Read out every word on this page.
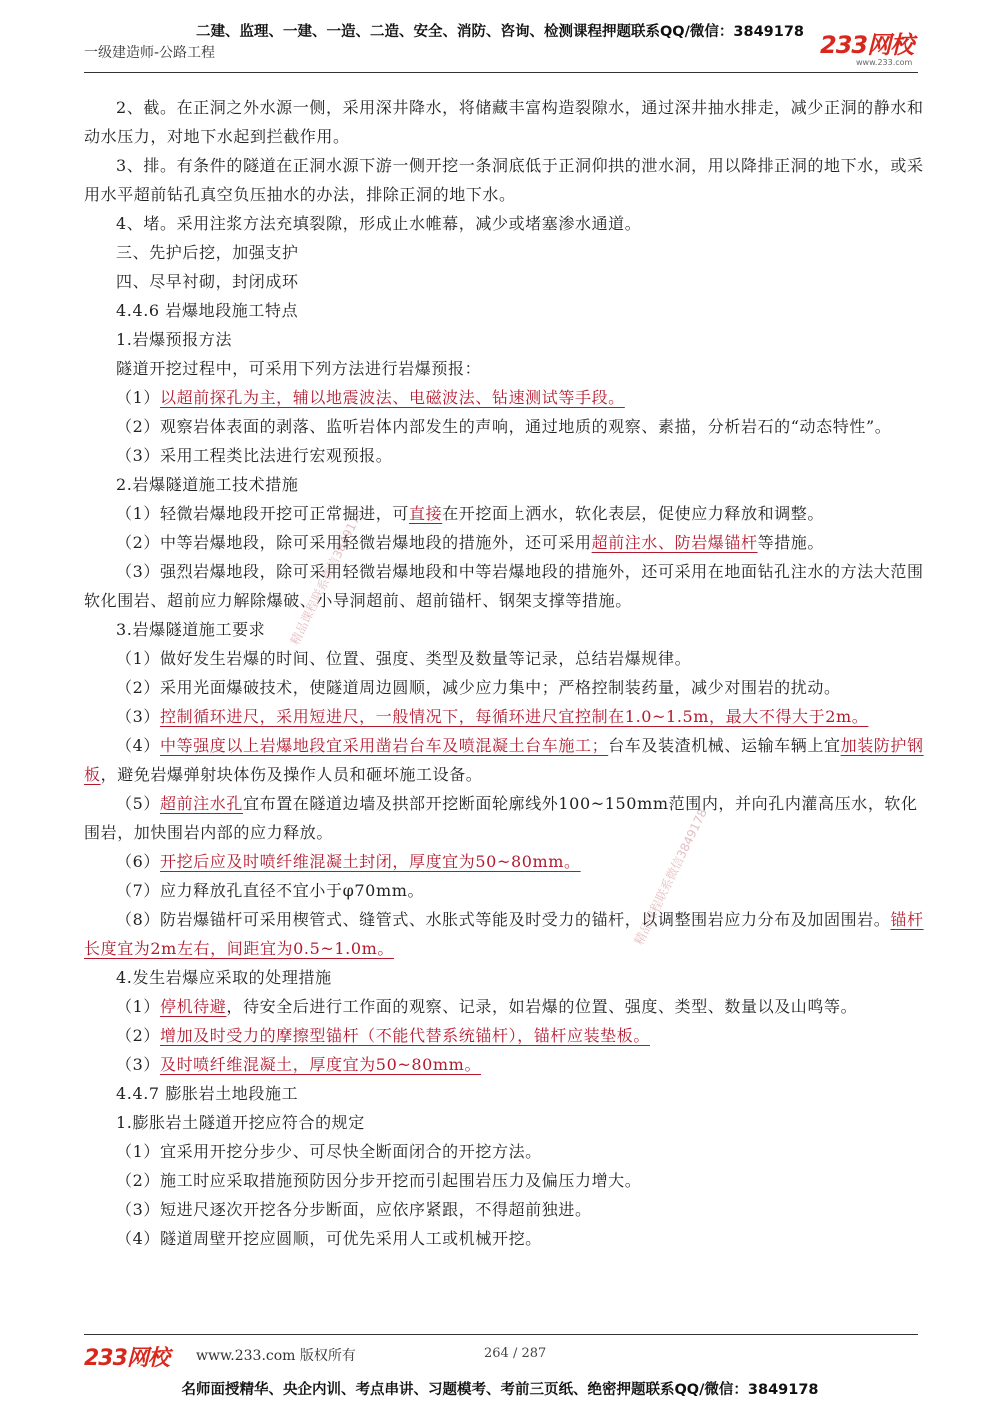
二建、监理、一建、一造、二造、安全、消防、咨询、检测课程押题联系QQ/微信：3849178
一级建造师-公路工程	233网校
www.233.com
精品课程联系微信3849178
精品课程联系微信3849178

2、截。在正洞之外水源一侧，采用深井降水，将储藏丰富构造裂隙水，通过深井抽水排走，减少正洞的静水和动水压力，对地下水起到拦截作用。

3、排。有条件的隧道在正洞水源下游一侧开挖一条洞底低于正洞仰拱的泄水洞，用以降排正洞的地下水，或采用水平超前钻孔真空负压抽水的办法，排除正洞的地下水。

4、堵。采用注浆方法充填裂隙，形成止水帷幕，减少或堵塞渗水通道。

三、先护后挖，加强支护

四、尽早衬砌，封闭成环

4.4.6 岩爆地段施工特点

1.岩爆预报方法

隧道开挖过程中，可采用下列方法进行岩爆预报：

（1）以超前探孔为主，辅以地震波法、电磁波法、钻速测试等手段。

（2）观察岩体表面的剥落、监听岩体内部发生的声响，通过地质的观察、素描，分析岩石的“动态特性”。

（3）采用工程类比法进行宏观预报。

2.岩爆隧道施工技术措施

（1）轻微岩爆地段开挖可正常掘进，可直接在开挖面上洒水，软化表层，促使应力释放和调整。

（2）中等岩爆地段，除可采用轻微岩爆地段的措施外，还可采用超前注水、防岩爆锚杆等措施。

（3）强烈岩爆地段，除可采用轻微岩爆地段和中等岩爆地段的措施外，还可采用在地面钻孔注水的方法大范围软化围岩、超前应力解除爆破、小导洞超前、超前锚杆、钢架支撑等措施。

3.岩爆隧道施工要求

（1）做好发生岩爆的时间、位置、强度、类型及数量等记录，总结岩爆规律。

（2）采用光面爆破技术，使隧道周边圆顺，减少应力集中；严格控制装药量，减少对围岩的扰动。

（3）控制循环进尺，采用短进尺，一般情况下，每循环进尺宜控制在1.0~1.5m，最大不得大于2m。

（4）中等强度以上岩爆地段宜采用凿岩台车及喷混凝土台车施工；台车及装渣机械、运输车辆上宜加装防护钢板，避免岩爆弹射块体伤及操作人员和砸坏施工设备。

（5）超前注水孔宜布置在隧道边墙及拱部开挖断面轮廓线外100~150mm范围内，并向孔内灌高压水，软化围岩，加快围岩内部的应力释放。

（6）开挖后应及时喷纤维混凝土封闭，厚度宜为50~80mm。

（7）应力释放孔直径不宜小于φ70mm。

（8）防岩爆锚杆可采用楔管式、缝管式、水胀式等能及时受力的锚杆，以调整围岩应力分布及加固围岩。锚杆长度宜为2m左右，间距宜为0.5~1.0m。

4.发生岩爆应采取的处理措施

（1）停机待避，待安全后进行工作面的观察、记录，如岩爆的位置、强度、类型、数量以及山鸣等。

（2）增加及时受力的摩擦型锚杆（不能代替系统锚杆），锚杆应装垫板。

（3）及时喷纤维混凝土，厚度宜为50~80mm。

4.4.7 膨胀岩土地段施工

1.膨胀岩土隧道开挖应符合的规定

（1）宜采用开挖分步少、可尽快全断面闭合的开挖方法。

（2）施工时应采取措施预防因分步开挖而引起围岩压力及偏压力增大。

（3）短进尺逐次开挖各分步断面，应依序紧跟，不得超前独进。

（4）隧道周壁开挖应圆顺，可优先采用人工或机械开挖。

233网校 www.233.com 版权所有	264 / 287
名师面授精华、央企内训、考点串讲、习题模考、考前三页纸、绝密押题联系QQ/微信：3849178
